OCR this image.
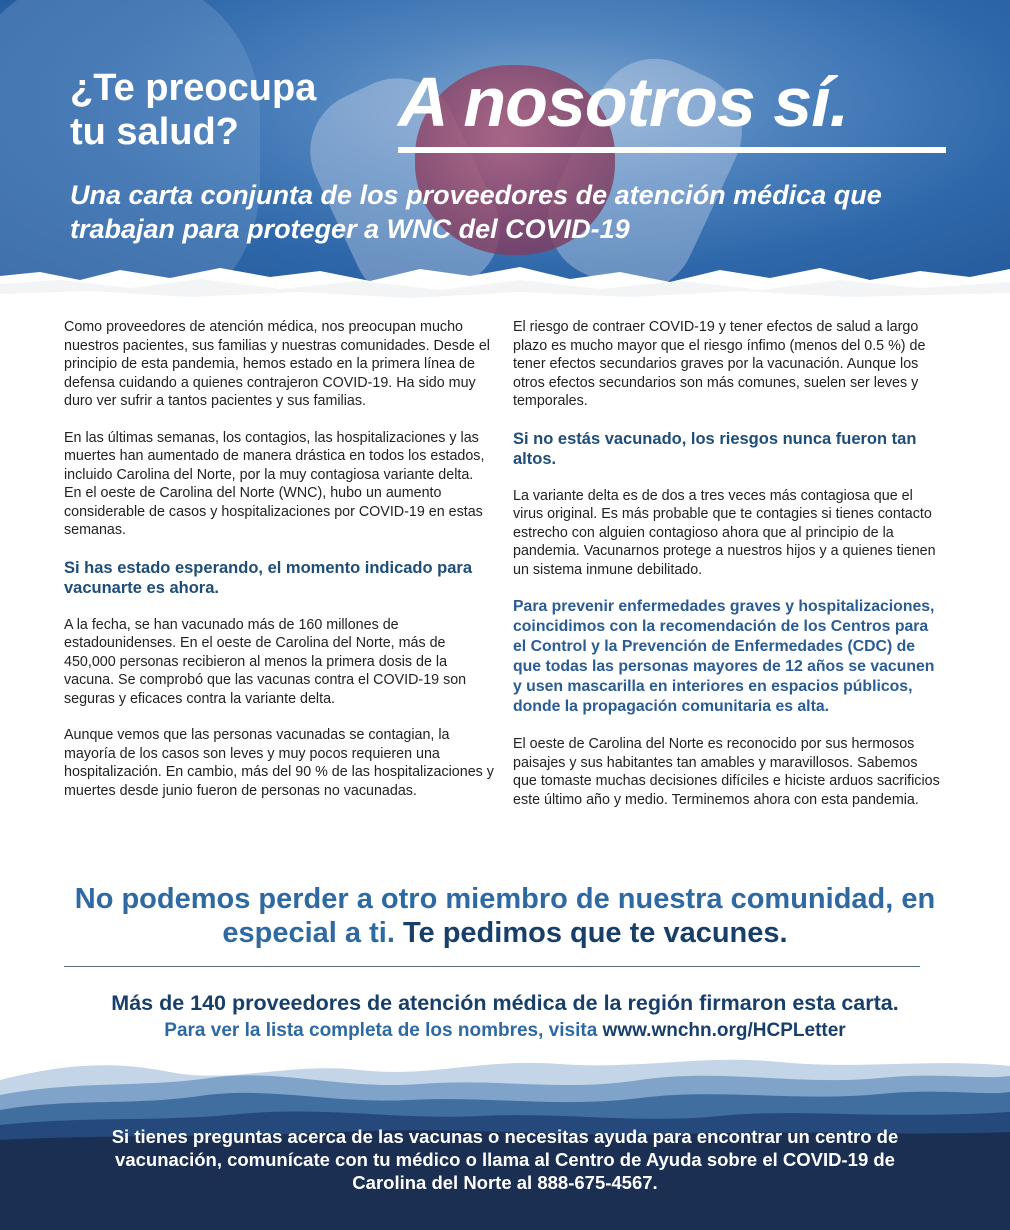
¿Te preocupa
tu salud?	A nosotros sí.

Una carta conjunta de los proveedores de atención médica que trabajan para proteger a WNC del COVID-19

Como proveedores de atención médica, nos preocupan mucho nuestros pacientes, sus familias y nuestras comunidades. Desde el principio de esta pandemia, hemos estado en la primera línea de defensa cuidando a quienes contrajeron COVID-19. Ha sido muy duro ver sufrir a tantos pacientes y sus familias.

En las últimas semanas, los contagios, las hospitalizaciones y las muertes han aumentado de manera drástica en todos los estados, incluido Carolina del Norte, por la muy contagiosa variante delta. En el oeste de Carolina del Norte (WNC), hubo un aumento considerable de casos y hospitalizaciones por COVID-19 en estas semanas.

Si has estado esperando, el momento indicado para vacunarte es ahora.

A la fecha, se han vacunado más de 160 millones de estadounidenses. En el oeste de Carolina del Norte, más de 450,000 personas recibieron al menos la primera dosis de la vacuna. Se comprobó que las vacunas contra el COVID-19 son seguras y eficaces contra la variante delta.

Aunque vemos que las personas vacunadas se contagian, la mayoría de los casos son leves y muy pocos requieren una hospitalización. En cambio, más del 90 % de las hospitalizaciones y muertes desde junio fueron de personas no vacunadas.

El riesgo de contraer COVID-19 y tener efectos de salud a largo plazo es mucho mayor que el riesgo ínfimo (menos del 0.5 %) de tener efectos secundarios graves por la vacunación. Aunque los otros efectos secundarios son más comunes, suelen ser leves y temporales.

Si no estás vacunado, los riesgos nunca fueron tan altos.

La variante delta es de dos a tres veces más contagiosa que el virus original. Es más probable que te contagies si tienes contacto estrecho con alguien contagioso ahora que al principio de la pandemia. Vacunarnos protege a nuestros hijos y a quienes tienen un sistema inmune debilitado.

Para prevenir enfermedades graves y hospitalizaciones, coincidimos con la recomendación de los Centros para el Control y la Prevención de Enfermedades (CDC) de que todas las personas mayores de 12 años se vacunen y usen mascarilla en interiores en espacios públicos, donde la propagación comunitaria es alta.

El oeste de Carolina del Norte es reconocido por sus hermosos paisajes y sus habitantes tan amables y maravillosos. Sabemos que tomaste muchas decisiones difíciles e hiciste arduos sacrificios este último año y medio. Terminemos ahora con esta pandemia.

No podemos perder a otro miembro de nuestra comunidad, en especial a ti. Te pedimos que te vacunes.

Más de 140 proveedores de atención médica de la región firmaron esta carta.

Para ver la lista completa de los nombres, visita www.wnchn.org/HCPLetter

Si tienes preguntas acerca de las vacunas o necesitas ayuda para encontrar un centro de vacunación, comunícate con tu médico o llama al Centro de Ayuda sobre el COVID-19 de Carolina del Norte al 888-675-4567.
